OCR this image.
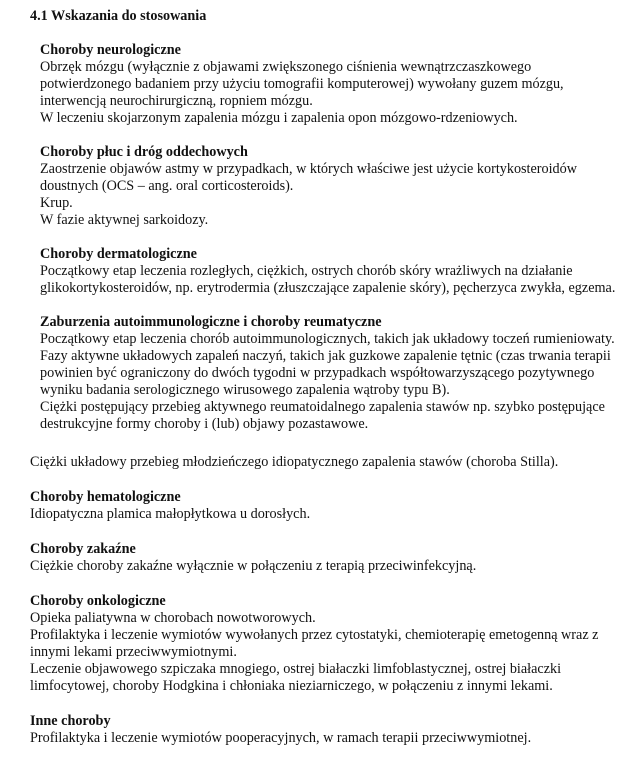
4.1 Wskazania do stosowania
Choroby neurologiczne
Obrzęk mózgu (wyłącznie z objawami zwiększonego ciśnienia wewnątrzczaszkowego
potwierdzonego badaniem przy użyciu tomografii komputerowej) wywołany guzem mózgu,
interwencją neurochirurgiczną, ropniem mózgu.
W leczeniu skojarzonym zapalenia mózgu i zapalenia opon mózgowo-rdzeniowych.
Choroby płuc i dróg oddechowych
Zaostrzenie objawów astmy w przypadkach, w których właściwe jest użycie kortykosteroidów
doustnych (OCS – ang. oral corticosteroids).
Krup.
W fazie aktywnej sarkoidozy.
Choroby dermatologiczne
Początkowy etap leczenia rozległych, ciężkich, ostrych chorób skóry wrażliwych na działanie
glikokortykosteroidów, np. erytrodermia (złuszczające zapalenie skóry), pęcherzyca zwykła, egzema.
Zaburzenia autoimmunologiczne i choroby reumatyczne
Początkowy etap leczenia chorób autoimmunologicznych, takich jak układowy toczeń rumieniowaty.
Fazy aktywne układowych zapaleń naczyń, takich jak guzkowe zapalenie tętnic (czas trwania terapii
powinien być ograniczony do dwóch tygodni w przypadkach współtowarzyszącego pozytywnego
wyniku badania serologicznego wirusowego zapalenia wątroby typu B).
Ciężki postępujący przebieg aktywnego reumatoidalnego zapalenia stawów np. szybko postępujące
destrukcyjne formy choroby i (lub) objawy pozastawowe.
Ciężki układowy przebieg młodzieńczego idiopatycznego zapalenia stawów (choroba Stilla).
Choroby hematologiczne
Idiopatyczna plamica małopłytkowa u dorosłych.
Choroby zakaźne
Ciężkie choroby zakaźne wyłącznie w połączeniu z terapią przeciwinfekcyjną.
Choroby onkologiczne
Opieka paliatywna w chorobach nowotworowych.
Profilaktyka i leczenie wymiotów wywołanych przez cytostatyki, chemioterapię emetogenną wraz z
innymi lekami przeciwwymiotnymi.
Leczenie objawowego szpiczaka mnogiego, ostrej białaczki limfoblastycznej, ostrej białaczki
limfocytowej, choroby Hodgkina i chłoniaka nieziarniczego, w połączeniu z innymi lekami.
Inne choroby
Profilaktyka i leczenie wymiotów pooperacyjnych, w ramach terapii przeciwwymiotnej.
